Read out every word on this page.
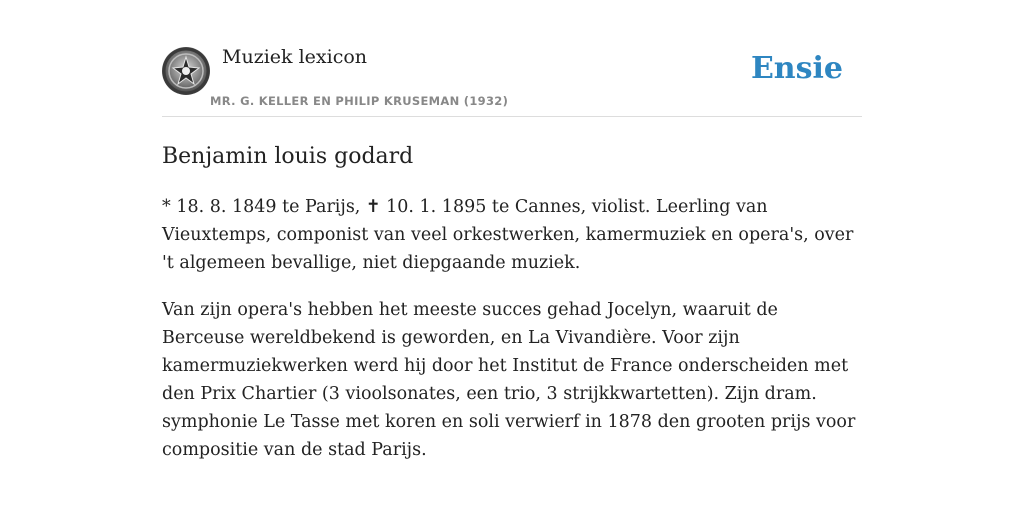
Muziek lexicon
MR. G. KELLER EN PHILIP KRUSEMAN (1932)
Ensie
Benjamin louis godard

* 18. 8. 1849 te Parijs, ✝ 10. 1. 1895 te Cannes, violist. Leerling van Vieuxtemps, componist van veel orkestwerken, kamermuziek en opera's, over 't algemeen bevallige, niet diepgaande muziek.

Van zijn opera's hebben het meeste succes gehad Jocelyn, waaruit de Berceuse wereldbekend is geworden, en La Vivandière. Voor zijn kamermuziekwerken werd hij door het Institut de France onderscheiden met den Prix Chartier (3 vioolsonates, een trio, 3 strijkkwartetten). Zijn dram. symphonie Le Tasse met koren en soli verwierf in 1878 den grooten prijs voor compositie van de stad Parijs.
